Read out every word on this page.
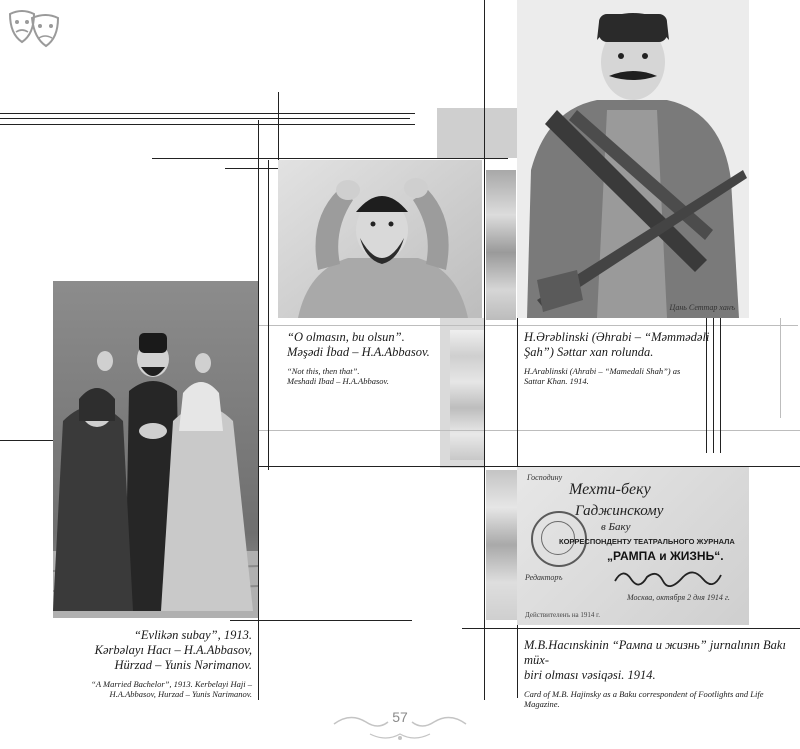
Цань Сеттар ханъ
Господину
Мехти-беку
Гаджинскому
в Баку
КОРРЕСПОНДЕНТУ ТЕАТРАЛЬНОГО ЖУРНАЛА
„РАМПА и ЖИЗНЬ“.
Редакторъ
Москва, октября 2 дня 1914 г.
Действителенъ на 1914 г.
“O olmasın, bu olsun”.
Məşədi İbad – H.A.Abbasov.
“Not this, then that”.
Meshadi Ibad – H.A.Abbasov.
H.Ərəblinski (Əhrabi – “Məmmədəli
Şah”) Səttar xan rolunda.
H.Arablinski (Ahrabi – “Mamedali Shah”) as
Sattar Khan. 1914.
“Evlikən subay”, 1913.
Kərbəlayı Hacı – H.A.Abbasov,
Hürzad – Yunis Nərimanov.
“A Married Bachelor”, 1913. Kerbelayi Haji –
H.A.Abbasov, Hurzad – Yunis Narimanov.
M.B.Hacınskinin “Рампа и жизнь” jurnalının Bakı müx-
biri olması vəsiqəsi. 1914.
Card of M.B. Hajinsky as a Baku correspondent of Footlights and Life
Magazine.
57
